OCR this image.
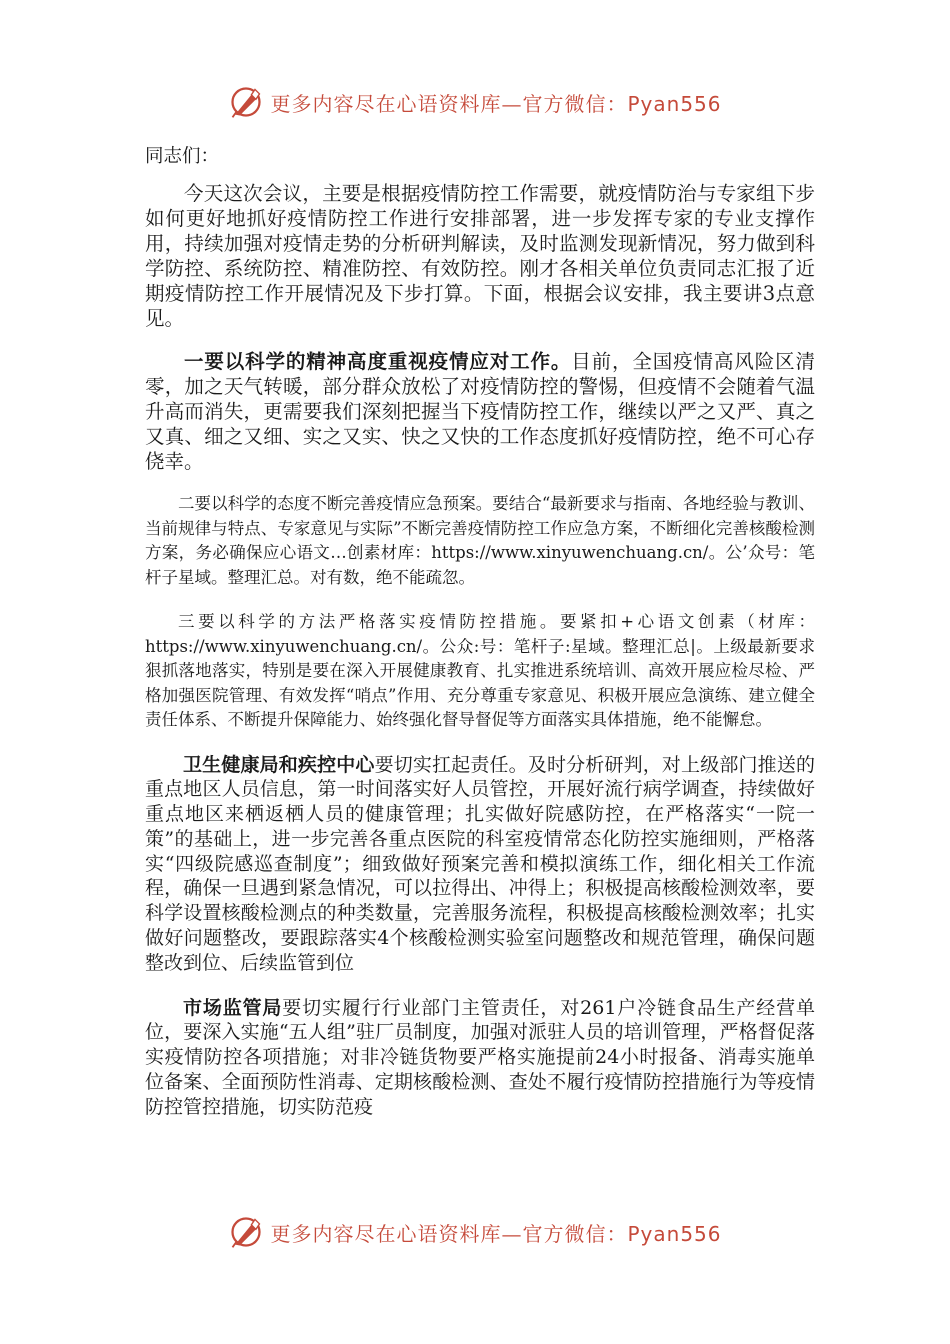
更多内容尽在心语资料库—官方微信：Pyan556

同志们：

今天这次会议，主要是根据疫情防控工作需要，就疫情防治与专家组下步如何更好地抓好疫情防控工作进行安排部署，进一步发挥专家的专业支撑作用，持续加强对疫情走势的分析研判解读，及时监测发现新情况，努力做到科学防控、系统防控、精准防控、有效防控。刚才各相关单位负责同志汇报了近期疫情防控工作开展情况及下步打算。下面，根据会议安排，我主要讲3点意见。

一要以科学的精神高度重视疫情应对工作。目前，全国疫情高风险区清零，加之天气转暖，部分群众放松了对疫情防控的警惕，但疫情不会随着气温升高而消失，更需要我们深刻把握当下疫情防控工作，继续以严之又严、真之又真、细之又细、实之又实、快之又快的工作态度抓好疫情防控，绝不可心存侥幸。

二要以科学的态度不断完善疫情应急预案。要结合“最新要求与指南、各地经验与教训、当前规律与特点、专家意见与实际”不断完善疫情防控工作应急方案，不断细化完善核酸检测方案，务必确保应心语文…创素材库：https://www.xinyuwenchuang.cn/。公’众号：笔杆子星域。整理汇总。对有数，绝不能疏忽。

三要以科学的方法严格落实疫情防控措施。要紧扣+心语文创素（材库：https://www.xinyuwenchuang.cn/。公众:号：笔杆子:星域。整理汇总|。上级最新要求狠抓落地落实，特别是要在深入开展健康教育、扎实推进系统培训、高效开展应检尽检、严格加强医院管理、有效发挥“哨点”作用、充分尊重专家意见、积极开展应急演练、建立健全责任体系、不断提升保障能力、始终强化督导督促等方面落实具体措施，绝不能懈怠。

卫生健康局和疾控中心要切实扛起责任。及时分析研判，对上级部门推送的重点地区人员信息，第一时间落实好人员管控，开展好流行病学调查，持续做好重点地区来栖返栖人员的健康管理；扎实做好院感防控，在严格落实“一院一策”的基础上，进一步完善各重点医院的科室疫情常态化防控实施细则，严格落实“四级院感巡查制度”；细致做好预案完善和模拟演练工作，细化相关工作流程，确保一旦遇到紧急情况，可以拉得出、冲得上；积极提高核酸检测效率，要科学设置核酸检测点的种类数量，完善服务流程，积极提高核酸检测效率；扎实做好问题整改，要跟踪落实4个核酸检测实验室问题整改和规范管理，确保问题整改到位、后续监管到位

市场监管局要切实履行行业部门主管责任，对261户冷链食品生产经营单位，要深入实施“五人组”驻厂员制度，加强对派驻人员的培训管理，严格督促落实疫情防控各项措施；对非冷链货物要严格实施提前24小时报备、消毒实施单位备案、全面预防性消毒、定期核酸检测、查处不履行疫情防控措施行为等疫情防控管控措施，切实防范疫

更多内容尽在心语资料库—官方微信：Pyan556
